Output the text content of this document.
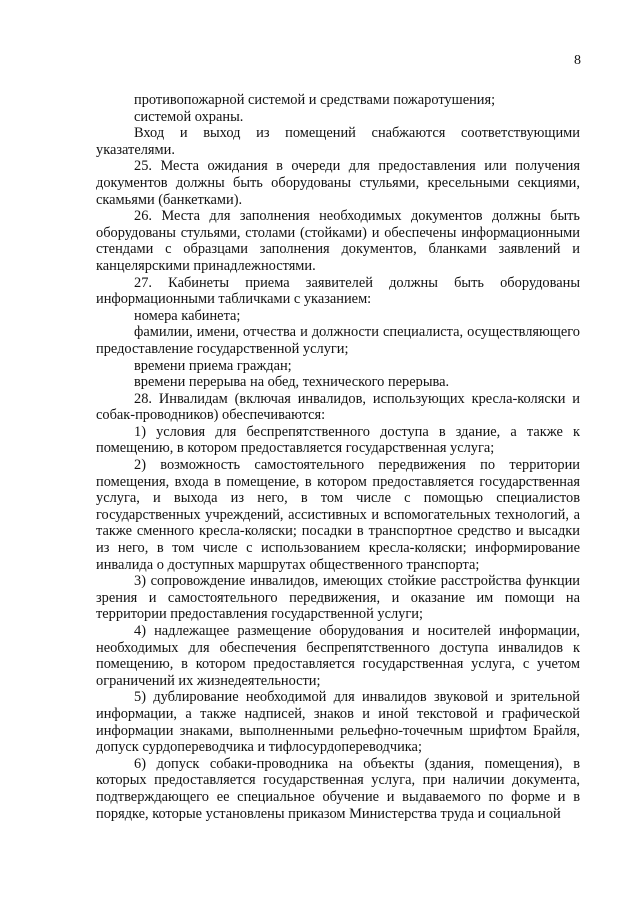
8

противопожарной системой и средствами пожаротушения;

системой охраны.

Вход и выход из помещений снабжаются соответствующими указателями.

25. Места ожидания в очереди для предоставления или получения документов должны быть оборудованы стульями, кресельными секциями, скамьями (банкетками).

26. Места для заполнения необходимых документов должны быть оборудованы стульями, столами (стойками) и обеспечены информационными стендами с образцами заполнения документов, бланками заявлений и канцелярскими принадлежностями.

27. Кабинеты приема заявителей должны быть оборудованы информационными табличками с указанием:

номера кабинета;

фамилии, имени, отчества и должности специалиста, осуществляющего предоставление государственной услуги;

времени приема граждан;

времени перерыва на обед, технического перерыва.

28. Инвалидам (включая инвалидов, использующих кресла-коляски и собак-проводников) обеспечиваются:

1) условия для беспрепятственного доступа в здание, а также к помещению, в котором предоставляется государственная услуга;

2) возможность самостоятельного передвижения по территории помещения, входа в помещение, в котором предоставляется государственная услуга, и выхода из него, в том числе с помощью специалистов государственных учреждений, ассистивных и вспомогательных технологий, а также сменного кресла-коляски; посадки в транспортное средство и высадки из него, в том числе с использованием кресла-коляски; информирование инвалида о доступных маршрутах общественного транспорта;

3) сопровождение инвалидов, имеющих стойкие расстройства функции зрения и самостоятельного передвижения, и оказание им помощи на территории предоставления государственной услуги;

4) надлежащее размещение оборудования и носителей информации, необходимых для обеспечения беспрепятственного доступа инвалидов к помещению, в котором предоставляется государственная услуга, с учетом ограничений их жизнедеятельности;

5) дублирование необходимой для инвалидов звуковой и зрительной информации, а также надписей, знаков и иной текстовой и графической информации знаками, выполненными рельефно-точечным шрифтом Брайля, допуск сурдопереводчика и тифлосурдопереводчика;

6) допуск собаки-проводника на объекты (здания, помещения), в которых предоставляется государственная услуга, при наличии документа, подтверждающего ее специальное обучение и выдаваемого по форме и в порядке, которые установлены приказом Министерства труда и социальной
